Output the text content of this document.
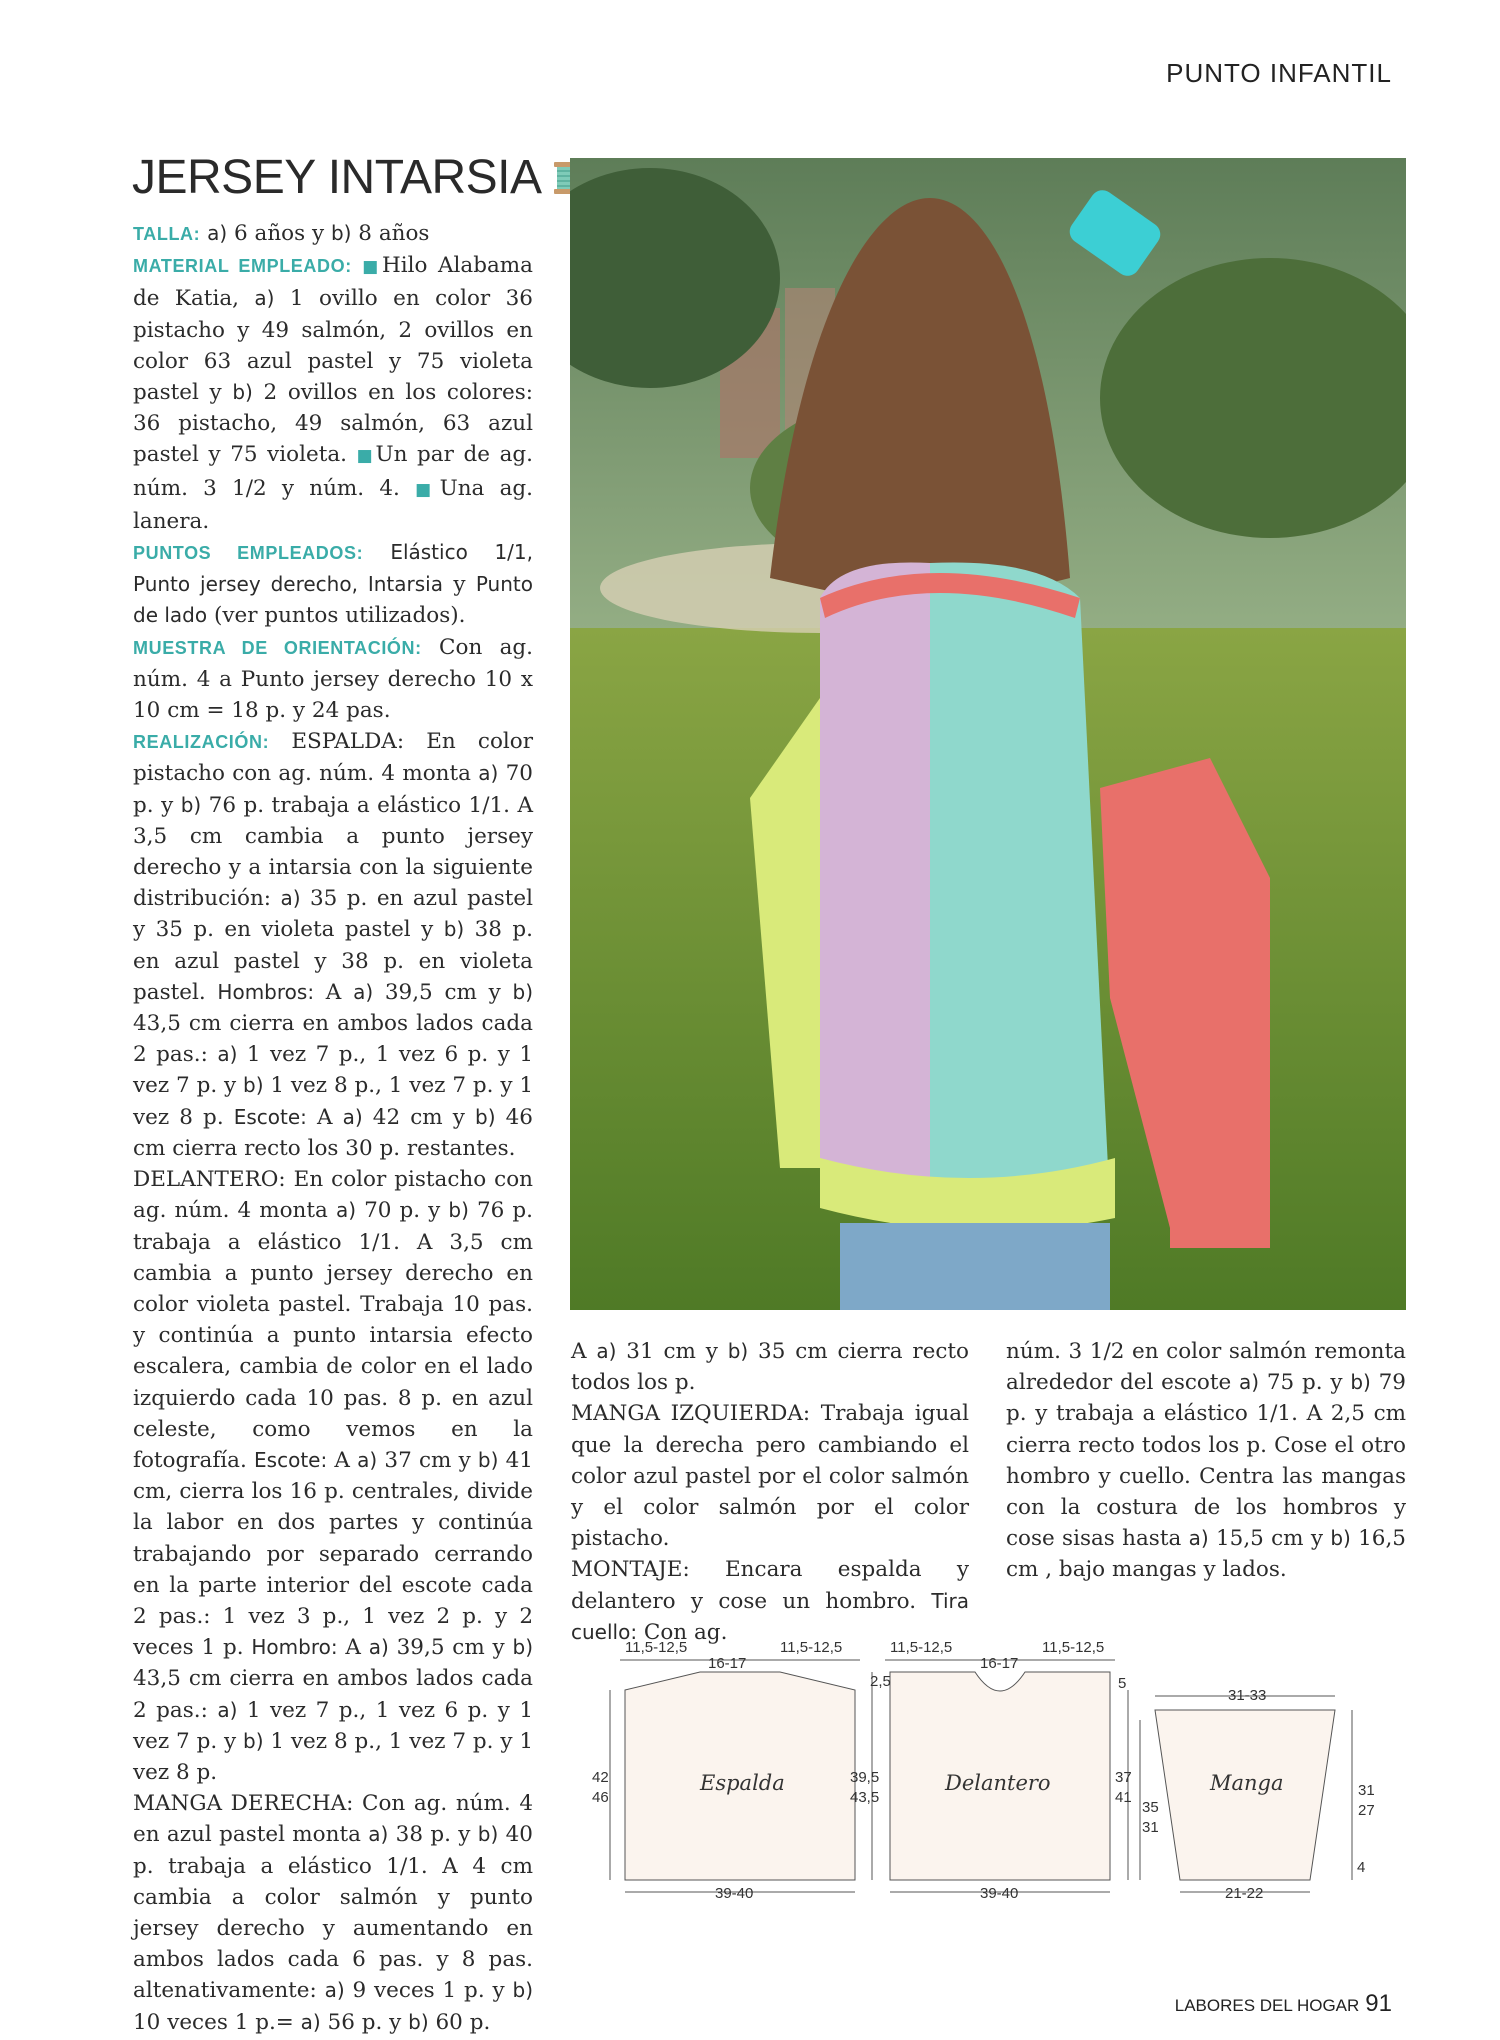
PUNTO INFANTIL
JERSEY INTARSIA

TALLA: a) 6 años y b) 8 años

MATERIAL EMPLEADO: ■Hilo Alabama de Katia, a) 1 ovillo en color 36 pistacho y 49 salmón, 2 ovillos en color 63 azul pastel y 75 violeta pastel y b) 2 ovillos en los colores: 36 pistacho, 49 salmón, 63 azul pastel y 75 violeta. ■Un par de ag. núm. 3 1/2 y núm. 4. ■Una ag. lanera.

PUNTOS EMPLEADOS: Elástico 1/1, Punto jersey derecho, Intarsia y Punto de lado (ver puntos utilizados).

MUESTRA DE ORIENTACIÓN: Con ag. núm. 4 a Punto jersey derecho 10 x 10 cm = 18 p. y 24 pas.

REALIZACIÓN: ESPALDA: En color pistacho con ag. núm. 4 monta a) 70 p. y b) 76 p. trabaja a elástico 1/1. A 3,5 cm cambia a punto jersey derecho y a intarsia con la siguiente distribución: a) 35 p. en azul pastel y 35 p. en violeta pastel y b) 38 p. en azul pastel y 38 p. en violeta pastel. Hombros: A a) 39,5 cm y b) 43,5 cm cierra en ambos lados cada 2 pas.: a) 1 vez 7 p., 1 vez 6 p. y 1 vez 7 p. y b) 1 vez 8 p., 1 vez 7 p. y 1 vez 8 p. Escote: A a) 42 cm y b) 46 cm cierra recto los 30 p. restantes.

DELANTERO: En color pistacho con ag. núm. 4 monta a) 70 p. y b) 76 p. trabaja a elástico 1/1. A 3,5 cm cambia a punto jersey derecho en color violeta pastel. Trabaja 10 pas. y continúa a punto intarsia efecto escalera, cambia de color en el lado izquierdo cada 10 pas. 8 p. en azul celeste, como vemos en la fotografía. Escote: A a) 37 cm y b) 41 cm, cierra los 16 p. centrales, divide la labor en dos partes y continúa trabajando por separado cerrando en la parte interior del escote cada 2 pas.: 1 vez 3 p., 1 vez 2 p. y 2 veces 1 p. Hombro: A a) 39,5 cm y b) 43,5 cm cierra en ambos lados cada 2 pas.: a) 1 vez 7 p., 1 vez 6 p. y 1 vez 7 p. y b) 1 vez 8 p., 1 vez 7 p. y 1 vez 8 p.

MANGA DERECHA: Con ag. núm. 4 en azul pastel monta a) 38 p. y b) 40 p. trabaja a elástico 1/1. A 4 cm cambia a color salmón y punto jersey derecho y aumentando en ambos lados cada 6 pas. y 8 pas. altenativamente: a) 9 veces 1 p. y b) 10 veces 1 p.= a) 56 p. y b) 60 p.

A a) 31 cm y b) 35 cm cierra recto todos los p.

MANGA IZQUIERDA: Trabaja igual que la derecha pero cambiando el color azul pastel por el color salmón y el color salmón por el color pistacho.

MONTAJE: Encara espalda y delantero y cose un hombro. Tira cuello: Con ag.

núm. 3 1/2 en color salmón remonta alrededor del escote a) 75 p. y b) 79 p. y trabaja a elástico 1/1. A 2,5 cm cierra recto todos los p. Cose el otro hombro y cuello. Centra las mangas con la costura de los hombros y cose sisas hasta a) 15,5 cm y b) 16,5 cm , bajo mangas y lados.

11,5-12,5
16-17
11,5-12,5
42
46
Espalda
39-40
11,5-12,5
16-17
11,5-12,5
2,5	5
39,5
43,5
37
41
Delantero
39-40
31-33
35
31
31
27
4
Manga
21-22
LABORES DEL HOGAR 91
